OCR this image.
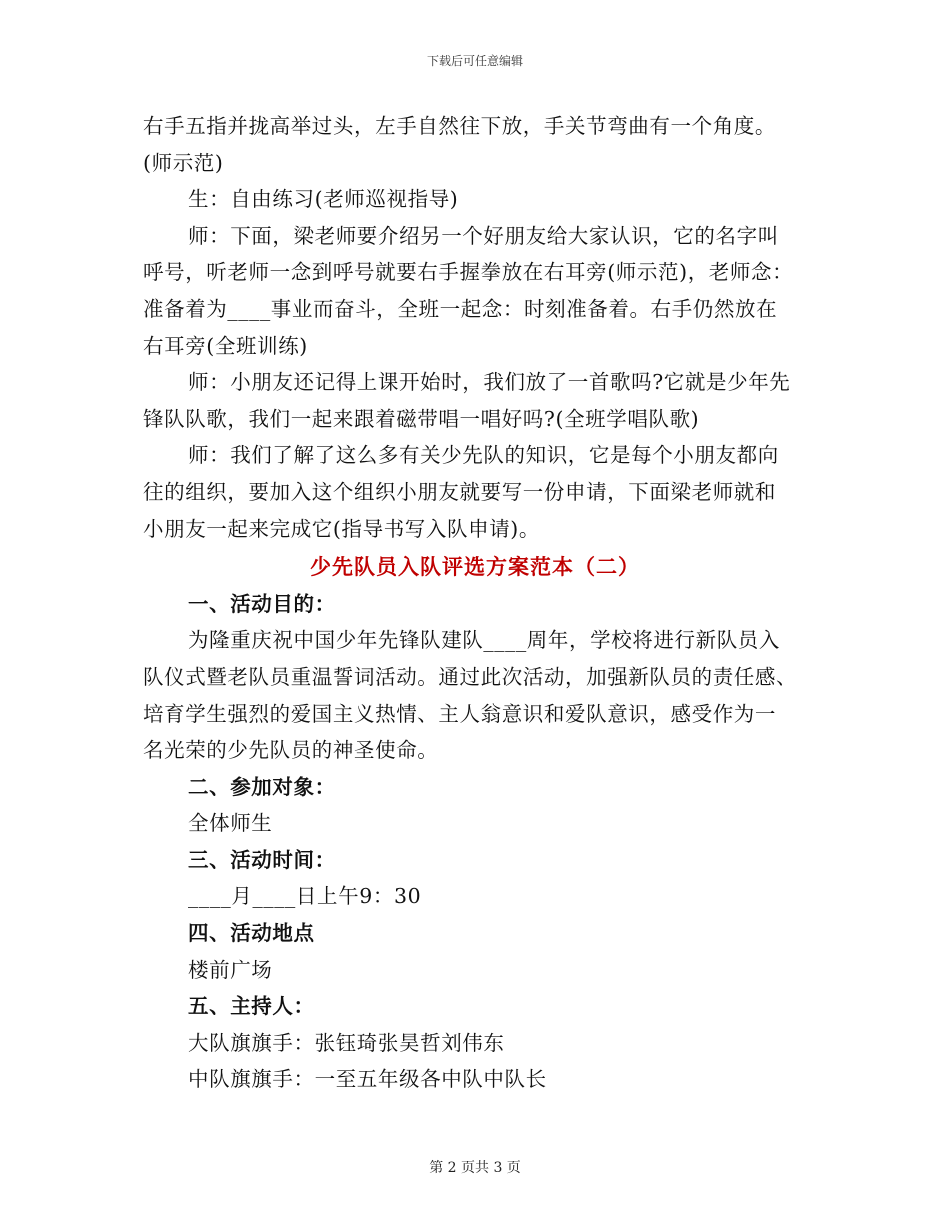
下载后可任意编辑
右手五指并拢高举过头，左手自然往下放，手关节弯曲有一个角度。
(师示范)
生：自由练习(老师巡视指导)
师：下面，梁老师要介绍另一个好朋友给大家认识，它的名字叫
呼号，听老师一念到呼号就要右手握拳放在右耳旁(师示范)，老师念：
准备着为____事业而奋斗，全班一起念：时刻准备着。右手仍然放在
右耳旁(全班训练)
师：小朋友还记得上课开始时，我们放了一首歌吗?它就是少年先
锋队队歌，我们一起来跟着磁带唱一唱好吗?(全班学唱队歌)
师：我们了解了这么多有关少先队的知识，它是每个小朋友都向
往的组织，要加入这个组织小朋友就要写一份申请，下面梁老师就和
小朋友一起来完成它(指导书写入队申请)。
少先队员入队评选方案范本（二）
一、活动目的：
为隆重庆祝中国少年先锋队建队____周年，学校将进行新队员入
队仪式暨老队员重温誓词活动。通过此次活动，加强新队员的责任感、
培育学生强烈的爱国主义热情、主人翁意识和爱队意识，感受作为一
名光荣的少先队员的神圣使命。
二、参加对象：
全体师生
三、活动时间：
____月____日上午9：30
四、活动地点
楼前广场
五、主持人：
大队旗旗手：张钰琦张昊哲刘伟东
中队旗旗手：一至五年级各中队中队长
第 2 页共 3 页
